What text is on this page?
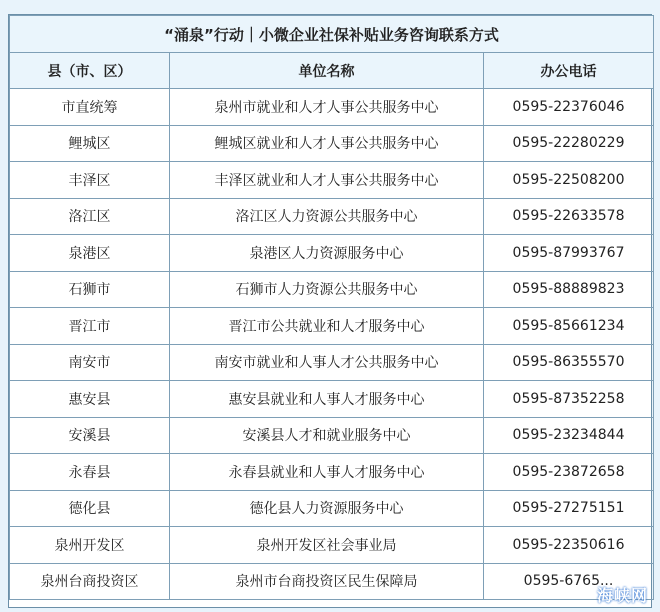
“涌泉”行动｜小微企业社保补贴业务咨询联系方式		
县（市、区）	单位名称	办公电话
市直统筹	泉州市就业和人才人事公共服务中心	0595-22376046
鲤城区	鲤城区就业和人才人事公共服务中心	0595-22280229
丰泽区	丰泽区就业和人才人事公共服务中心	0595-22508200
洛江区	洛江区人力资源公共服务中心	0595-22633578
泉港区	泉港区人力资源服务中心	0595-87993767
石狮市	石狮市人力资源公共服务中心	0595-88889823
晋江市	晋江市公共就业和人才服务中心	0595-85661234
南安市	南安市就业和人事人才公共服务中心	0595-86355570
惠安县	惠安县就业和人事人才服务中心	0595-87352258
安溪县	安溪县人才和就业服务中心	0595-23234844
永春县	永春县就业和人事人才服务中心	0595-23872658
德化县	德化县人力资源服务中心	0595-27275151
泉州开发区	泉州开发区社会事业局	0595-22350616
泉州台商投资区	泉州市台商投资区民生保障局	0595-6765...
海峡网
